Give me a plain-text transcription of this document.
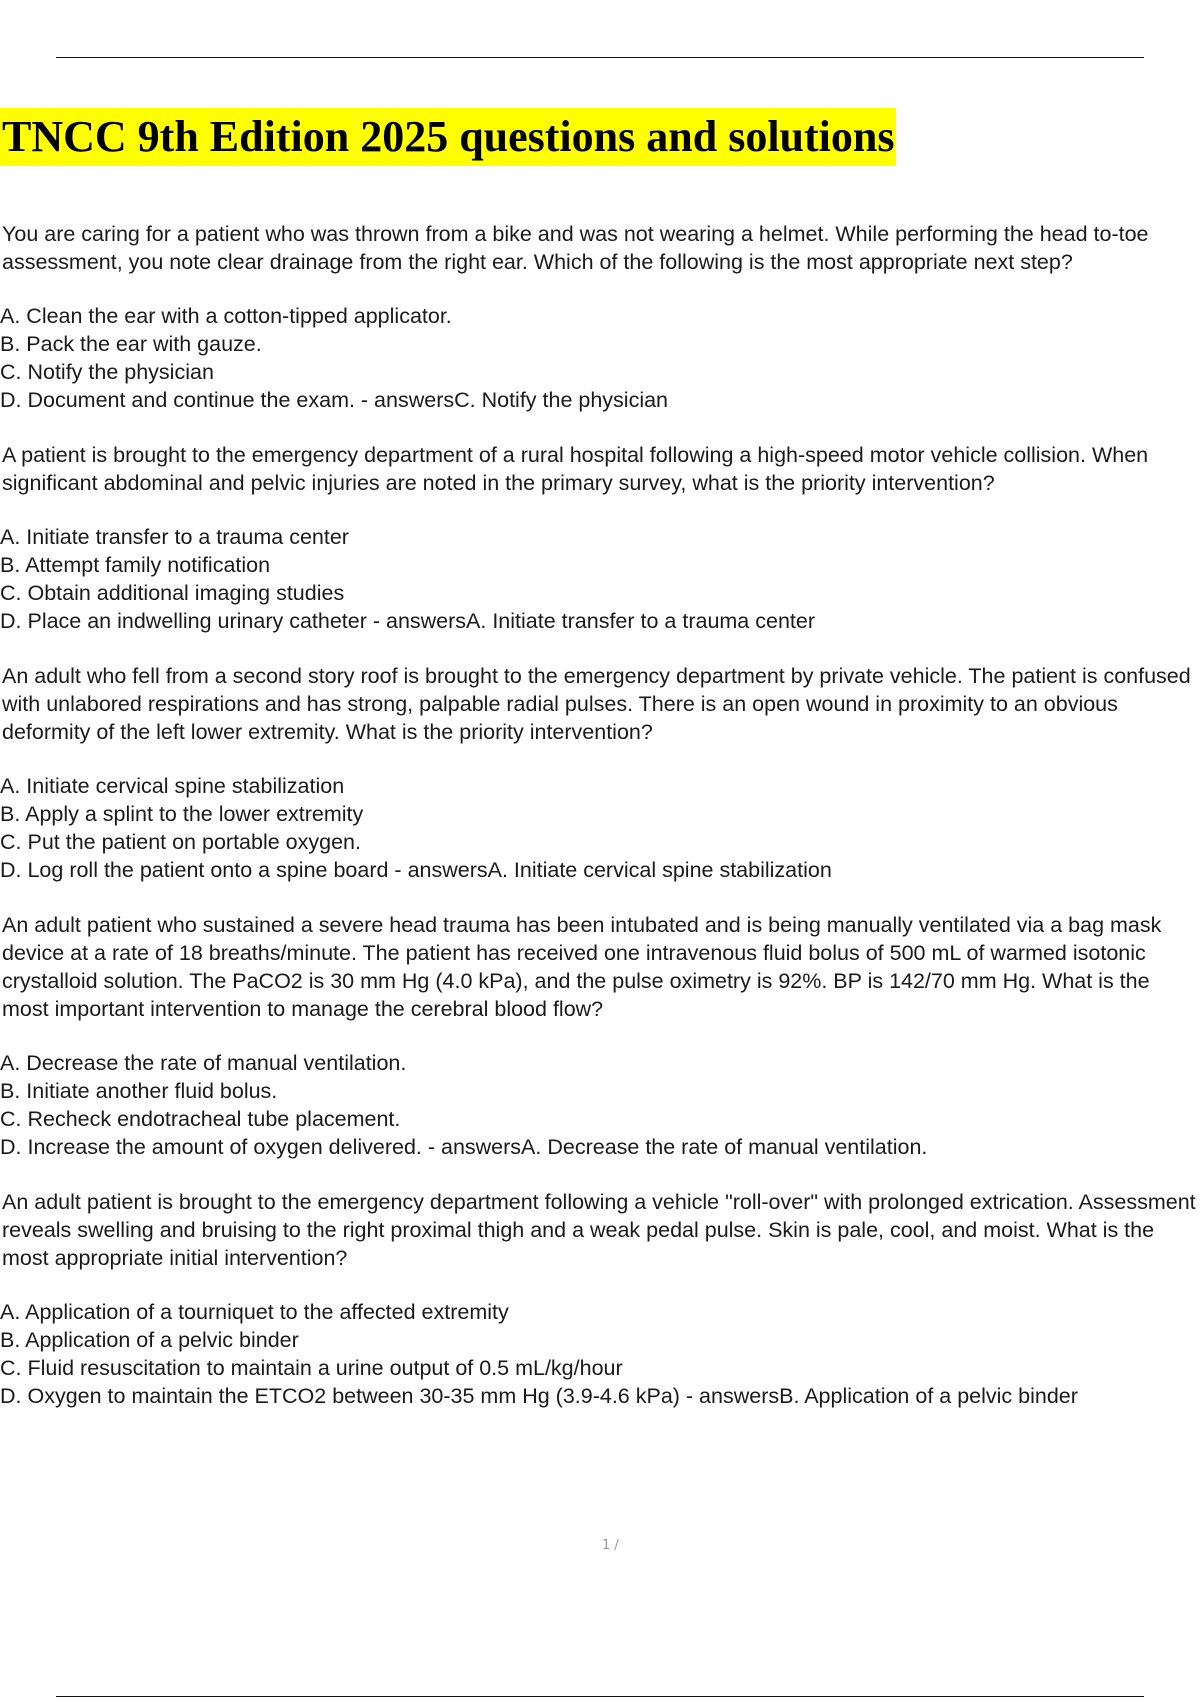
TNCC 9th Edition 2025 questions and solutions
You are caring for a patient who was thrown from a bike and was not wearing a helmet. While performing the head to-toe assessment, you note clear drainage from the right ear. Which of the following is the most appropriate next step?
A. Clean the ear with a cotton-tipped applicator.
B. Pack the ear with gauze.
C. Notify the physician
D. Document and continue the exam. - answersC. Notify the physician
A patient is brought to the emergency department of a rural hospital following a high-speed motor vehicle collision. When significant abdominal and pelvic injuries are noted in the primary survey, what is the priority intervention?
A. Initiate transfer to a trauma center
B. Attempt family notification
C. Obtain additional imaging studies
D. Place an indwelling urinary catheter - answersA. Initiate transfer to a trauma center
An adult who fell from a second story roof is brought to the emergency department by private vehicle. The patient is confused with unlabored respirations and has strong, palpable radial pulses. There is an open wound in proximity to an obvious deformity of the left lower extremity. What is the priority intervention?
A. Initiate cervical spine stabilization
B. Apply a splint to the lower extremity
C. Put the patient on portable oxygen.
D. Log roll the patient onto a spine board - answersA. Initiate cervical spine stabilization
An adult patient who sustained a severe head trauma has been intubated and is being manually ventilated via a bag mask device at a rate of 18 breaths/minute. The patient has received one intravenous fluid bolus of 500 mL of warmed isotonic crystalloid solution. The PaCO2 is 30 mm Hg (4.0 kPa), and the pulse oximetry is 92%. BP is 142/70 mm Hg. What is the most important intervention to manage the cerebral blood flow?
A. Decrease the rate of manual ventilation.
B. Initiate another fluid bolus.
C. Recheck endotracheal tube placement.
D. Increase the amount of oxygen delivered. - answersA. Decrease the rate of manual ventilation.
An adult patient is brought to the emergency department following a vehicle "roll-over" with prolonged extrication. Assessment reveals swelling and bruising to the right proximal thigh and a weak pedal pulse. Skin is pale, cool, and moist. What is the most appropriate initial intervention?
A. Application of a tourniquet to the affected extremity
B. Application of a pelvic binder
C. Fluid resuscitation to maintain a urine output of 0.5 mL/kg/hour
D. Oxygen to maintain the ETCO2 between 30-35 mm Hg (3.9-4.6 kPa) - answersB. Application of a pelvic binder
1 /
